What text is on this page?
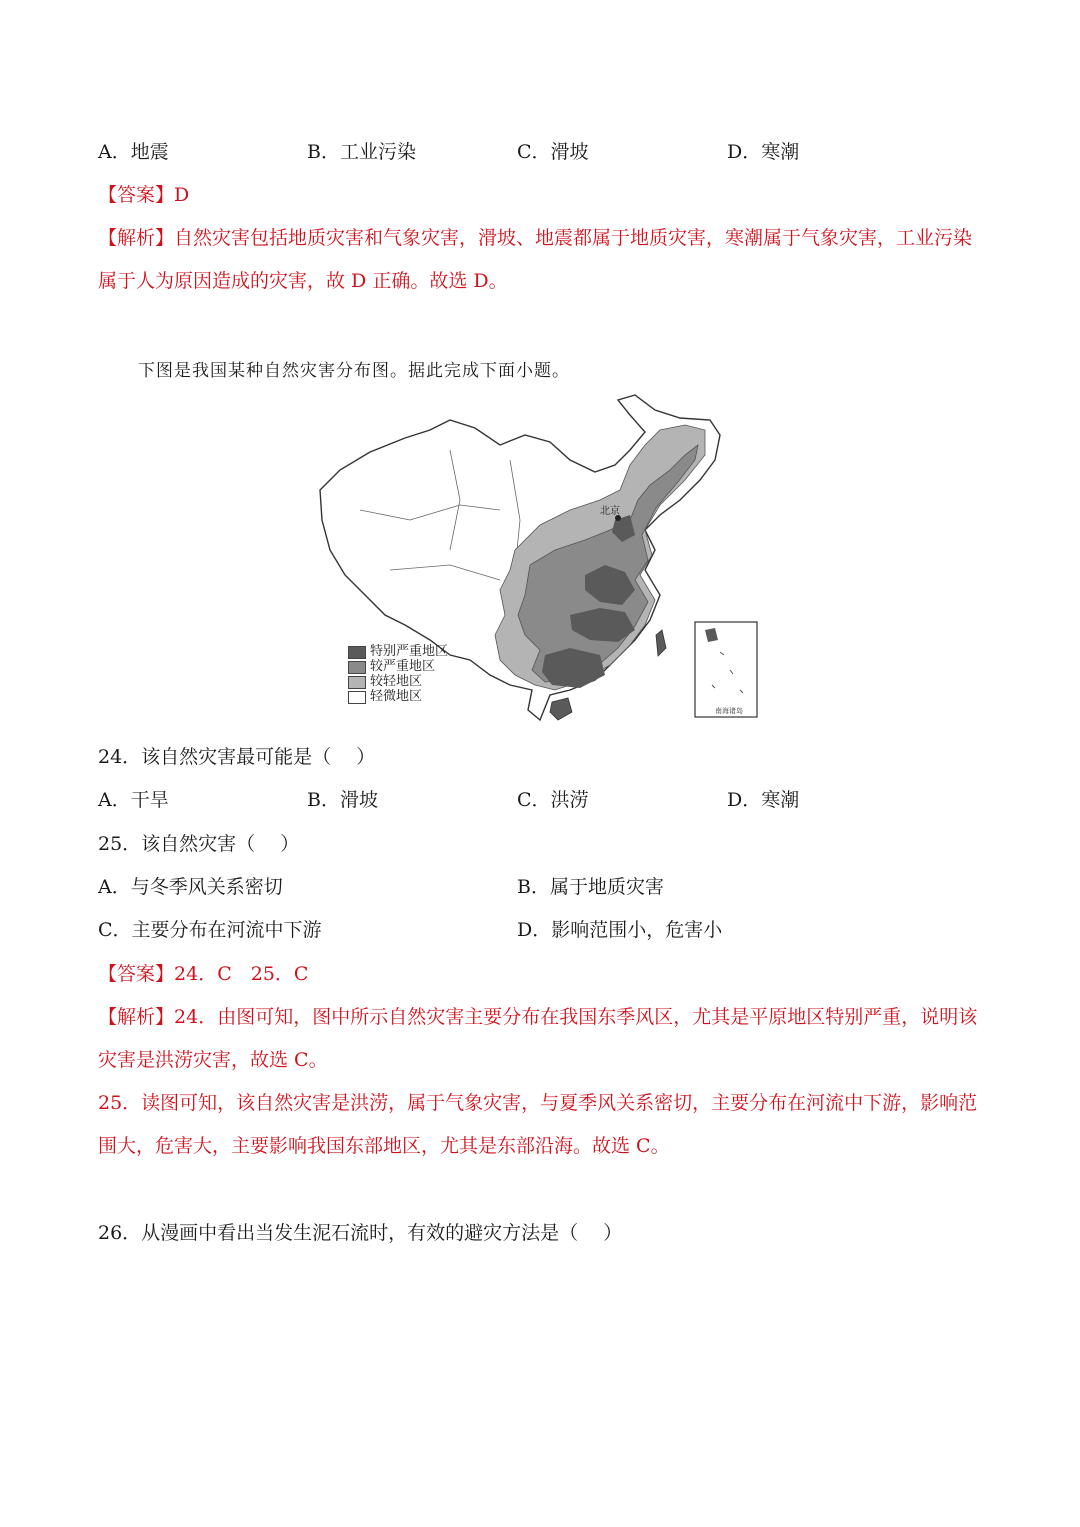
A．地震	B．工业污染	C．滑坡	D．寒潮
【答案】D
【解析】自然灾害包括地质灾害和气象灾害，滑坡、地震都属于地质灾害，寒潮属于气象灾害，工业污染
属于人为原因造成的灾害，故 D 正确。故选 D。
下图是我国某种自然灾害分布图。据此完成下面小题。
北京
南海诸岛
特别严重地区
较严重地区
较轻地区
轻微地区
24．该自然灾害最可能是（　 ）
A．干旱	B．滑坡	C．洪涝	D．寒潮
25．该自然灾害（　 ）
A．与冬季风关系密切	B．属于地质灾害
C．主要分布在河流中下游	D．影响范围小，危害小
【答案】24．C　25．C
【解析】24．由图可知，图中所示自然灾害主要分布在我国东季风区，尤其是平原地区特别严重，说明该
灾害是洪涝灾害，故选 C。
25．读图可知，该自然灾害是洪涝，属于气象灾害，与夏季风关系密切，主要分布在河流中下游，影响范
围大，危害大，主要影响我国东部地区，尤其是东部沿海。故选 C。
26．从漫画中看出当发生泥石流时，有效的避灾方法是（　 ）
